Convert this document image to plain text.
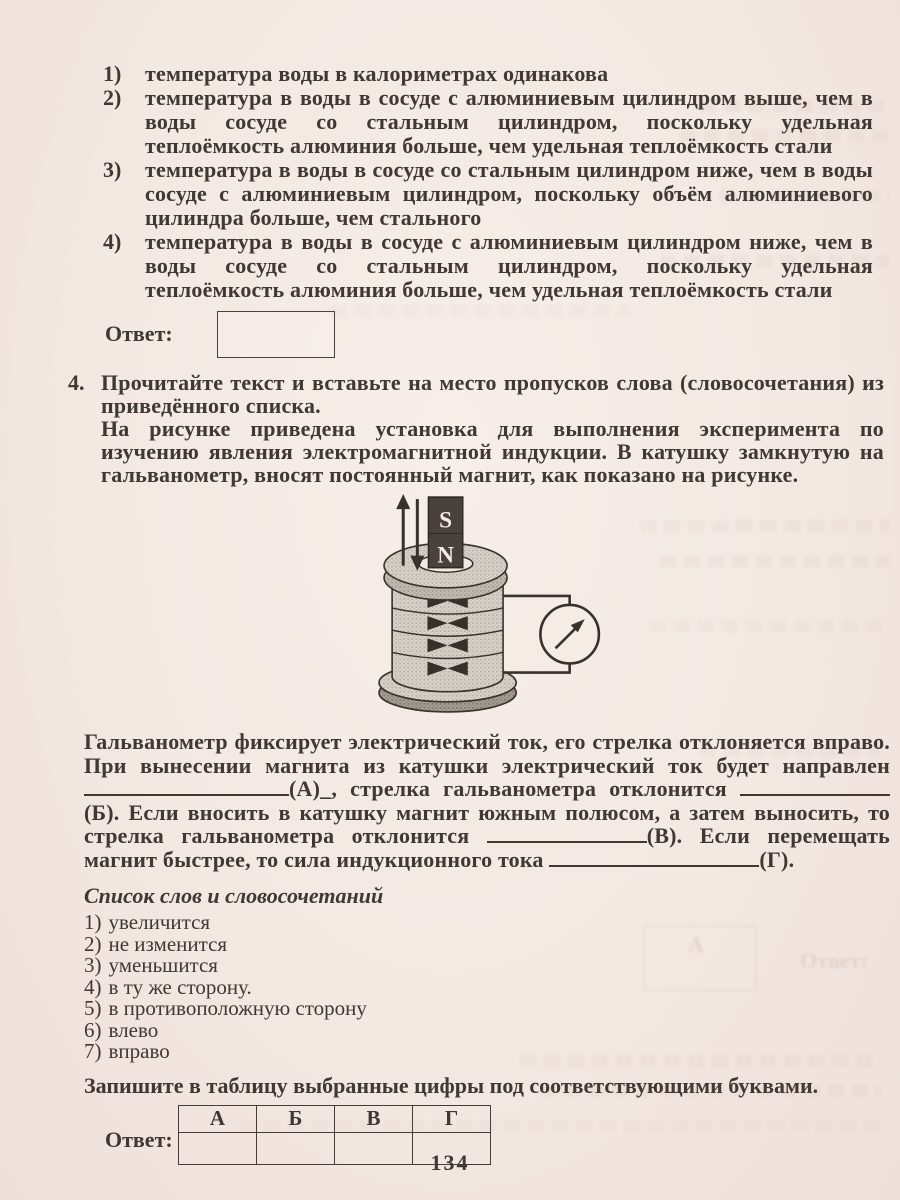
А
Ответ:
1)	температура воды в калориметрах одинакова
2)	температура в воды в сосуде с алюминиевым цилиндром выше, чем в воды сосуде со стальным цилиндром, поскольку удельная теплоёмкость алюминия больше, чем удельная теплоёмкость стали
3)	температура в воды в сосуде со стальным цилиндром ниже, чем в воды сосуде с алюминиевым цилиндром, поскольку объём алюминиевого цилиндра больше, чем стального
4)	температура в воды в сосуде с алюминиевым цилиндром ниже, чем в воды сосуде со стальным цилиндром, поскольку удельная теплоёмкость алюминия больше, чем удельная теплоёмкость стали
Ответ:
4. Прочитайте текст и вставьте на место пропусков слова (словосочетания) из приведённого списка.

На рисунке приведена установка для выполнения эксперимента по изучению явления электромагнитной индукции. В катушку замкнутую на гальванометр, вносят постоянный магнит, как показано на рисунке.

S
N

Гальванометр фиксирует электрический ток, его стрелка отклоняется вправо. При вынесении магнита из катушки электрический ток будет направлен (А)_, стрелка гальванометра отклонится  (Б). Если вносить в катушку магнит южным полюсом, а затем выносить, то стрелка гальванометра отклонится	(В). Если перемещать магнит быстрее, то сила индукционного тока	(Г).

Список слов и словосочетаний

1) увеличится
2) не изменится
3) уменьшится
4) в ту же сторону.
5) в противоположную сторону
6) влево
7) вправо

Запишите в таблицу выбранные цифры под соответствующими буквами.

Ответ:
А	Б	В	Г

134
